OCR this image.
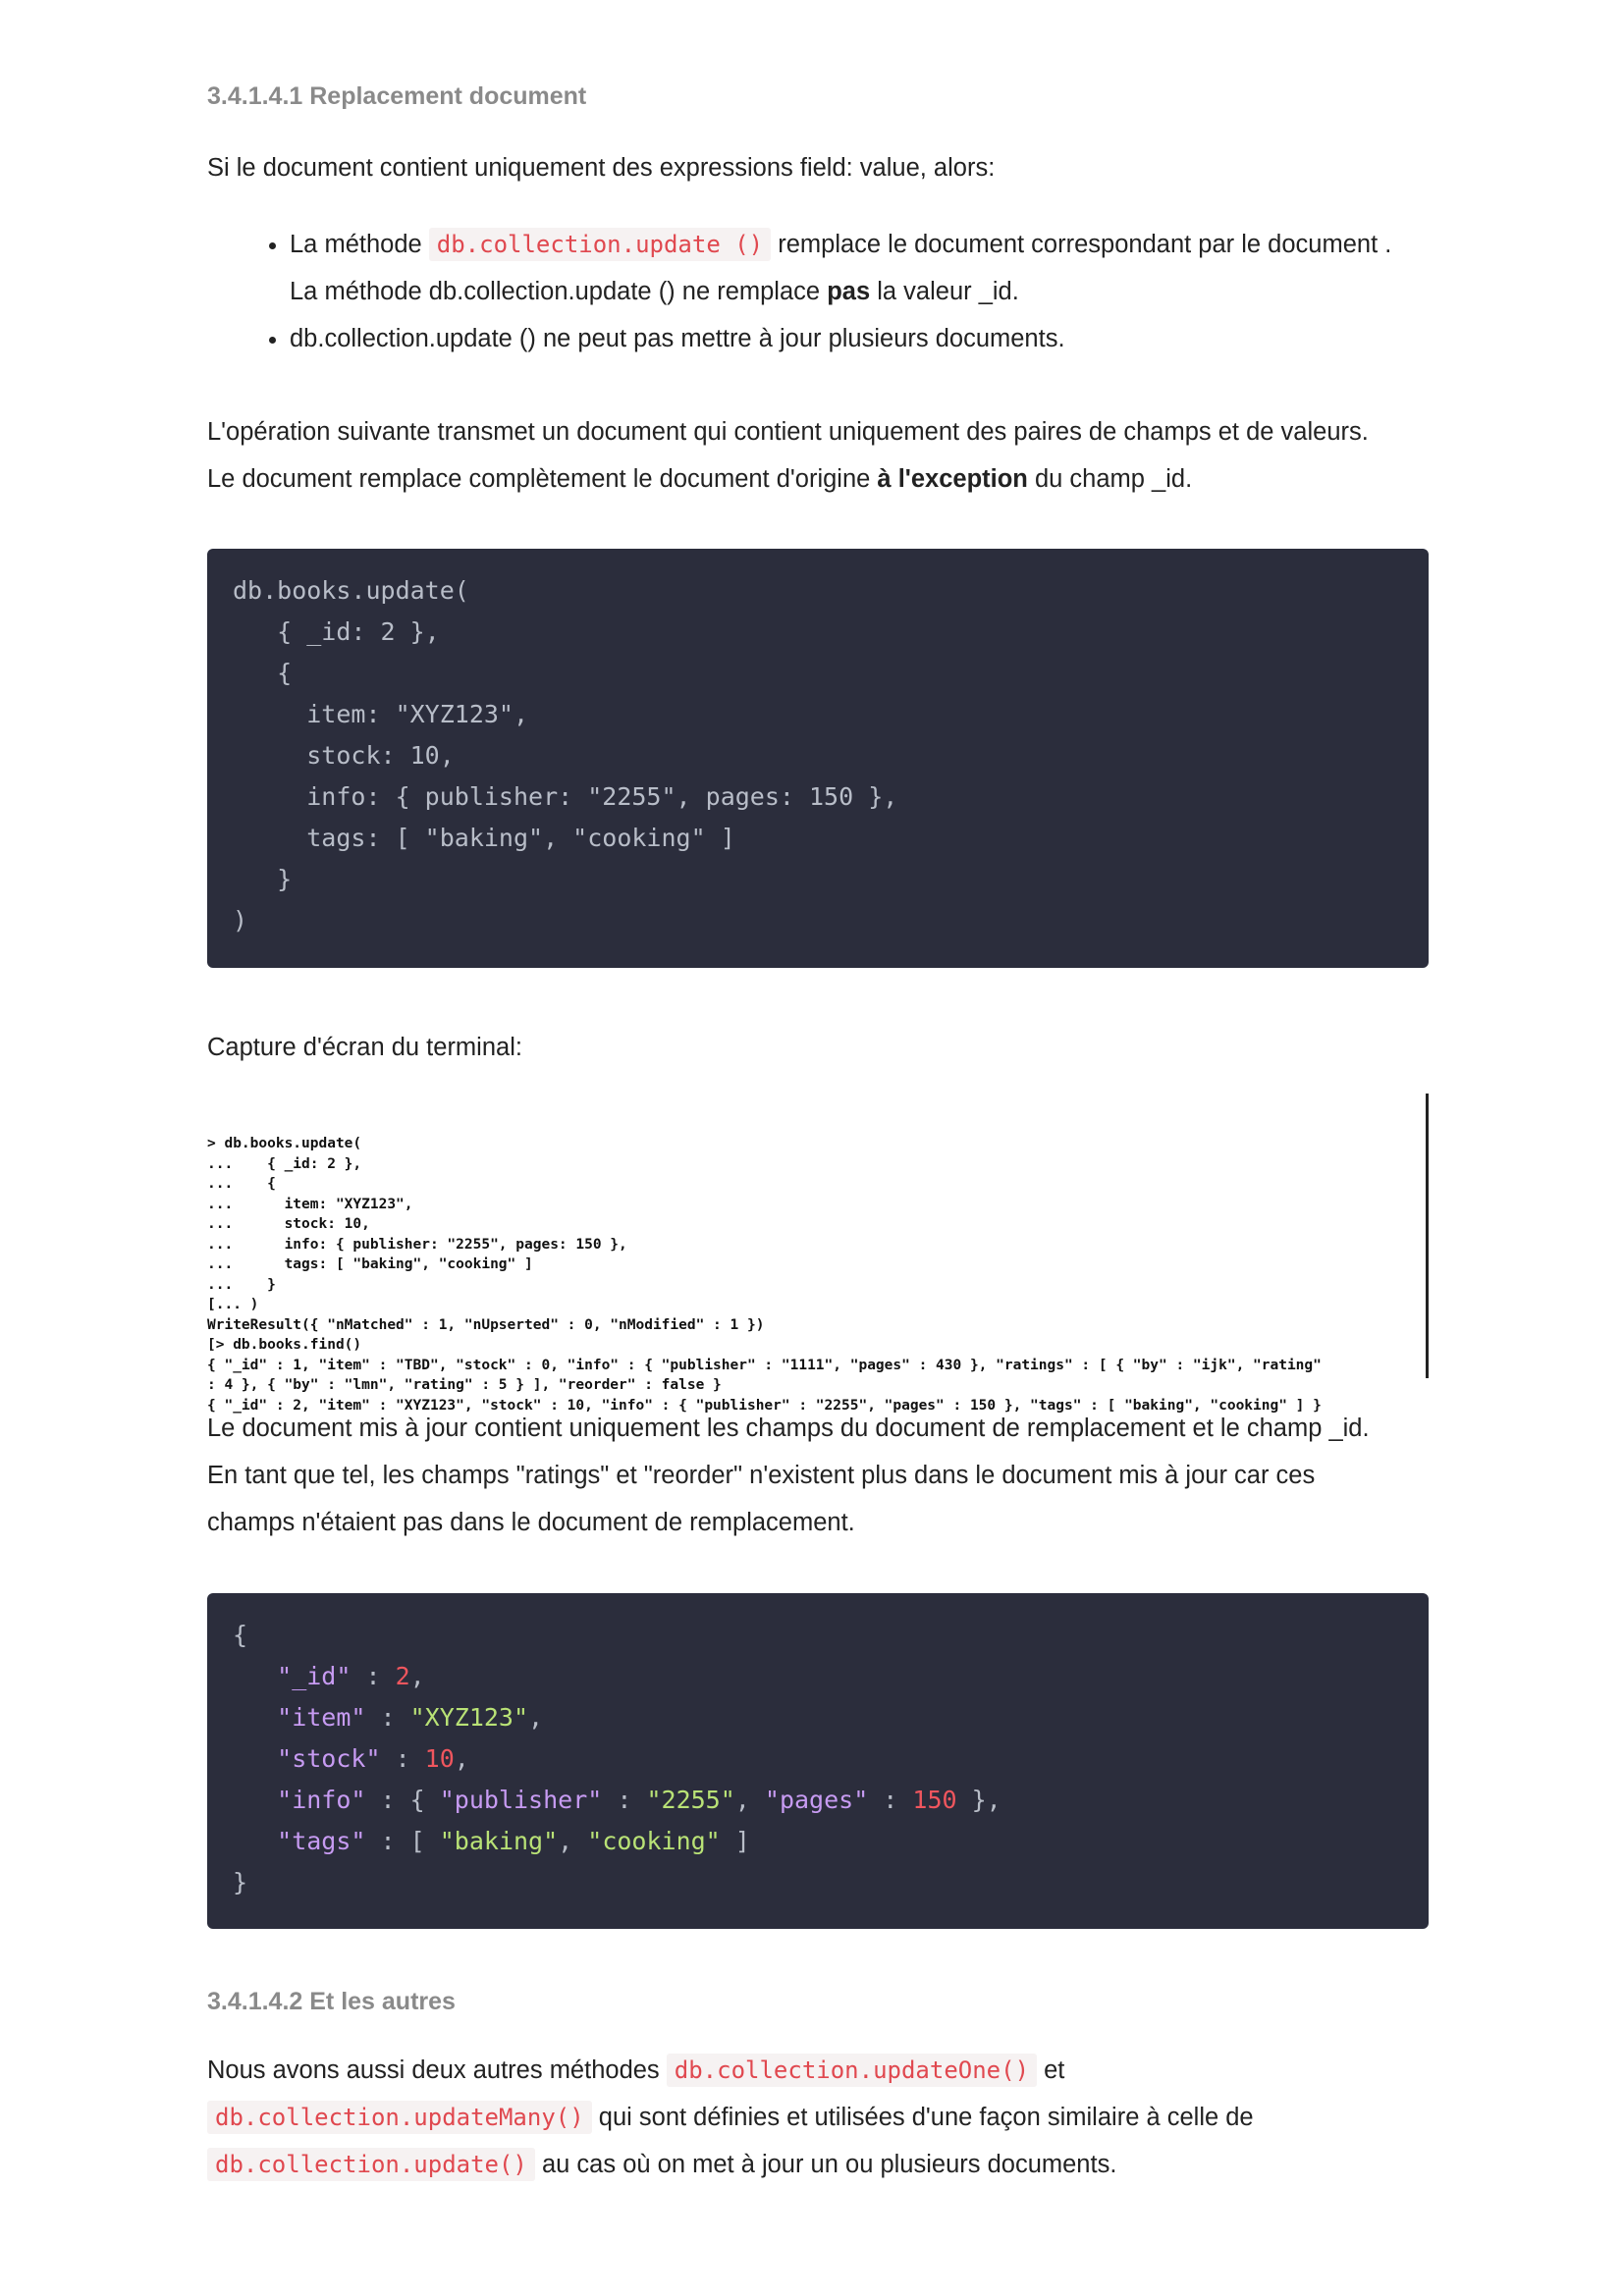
3.4.1.4.1 Replacement document

Si le document contient uniquement des expressions field: value, alors:

• La méthode db.collection.update () remplace le document correspondant par le document .
La méthode db.collection.update () ne remplace pas la valeur _id.
• db.collection.update () ne peut pas mettre à jour plusieurs documents.

L'opération suivante transmet un document qui contient uniquement des paires de champs et de valeurs.
Le document remplace complètement le document d'origine à l'exception du champ _id.

db.books.update(
{ _id: 2 },
{
item: "XYZ123",
stock: 10,
info: { publisher: "2255", pages: 150 },
tags: [ "baking", "cooking" ]
}
)

Capture d'écran du terminal:

> db.books.update(
...    { _id: 2 },
...    {
...      item: "XYZ123",
...      stock: 10,
...      info: { publisher: "2255", pages: 150 },
...      tags: [ "baking", "cooking" ]
...    }
[... )
WriteResult({ "nMatched" : 1, "nUpserted" : 0, "nModified" : 1 })
[> db.books.find()
{ "_id" : 1, "item" : "TBD", "stock" : 0, "info" : { "publisher" : "1111", "pages" : 430 }, "ratings" : [ { "by" : "ijk", "rating"
: 4 }, { "by" : "lmn", "rating" : 5 } ], "reorder" : false }
{ "_id" : 2, "item" : "XYZ123", "stock" : 10, "info" : { "publisher" : "2255", "pages" : 150 }, "tags" : [ "baking", "cooking" ] }

Le document mis à jour contient uniquement les champs du document de remplacement et le champ _id.
En tant que tel, les champs "ratings" et "reorder" n'existent plus dans le document mis à jour car ces
champs n'étaient pas dans le document de remplacement.

{
"_id" : 2,
"item" : "XYZ123",
"stock" : 10,
"info" : { "publisher" : "2255", "pages" : 150 },
"tags" : [ "baking", "cooking" ]
}
3.4.1.4.2 Et les autres

Nous avons aussi deux autres méthodes db.collection.updateOne() et
db.collection.updateMany() qui sont définies et utilisées d'une façon similaire à celle de
db.collection.update() au cas où on met à jour un ou plusieurs documents.
